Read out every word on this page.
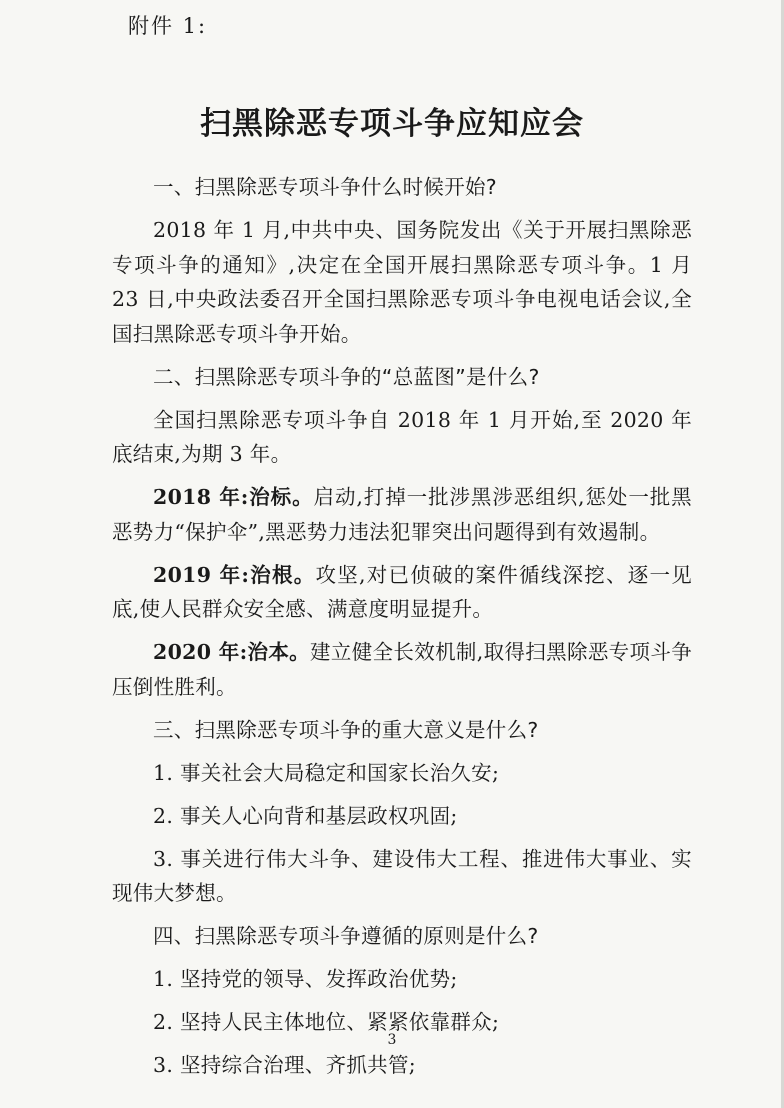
附件 1:
扫黑除恶专项斗争应知应会

一、扫黑除恶专项斗争什么时候开始?

2018 年 1 月,中共中央、国务院发出《关于开展扫黑除恶专项斗争的通知》,决定在全国开展扫黑除恶专项斗争。1 月 23 日,中央政法委召开全国扫黑除恶专项斗争电视电话会议,全国扫黑除恶专项斗争开始。

二、扫黑除恶专项斗争的“总蓝图”是什么?

全国扫黑除恶专项斗争自 2018 年 1 月开始,至 2020 年底结束,为期 3 年。

2018 年:治标。启动,打掉一批涉黑涉恶组织,惩处一批黑恶势力“保护伞”,黑恶势力违法犯罪突出问题得到有效遏制。

2019 年:治根。攻坚,对已侦破的案件循线深挖、逐一见底,使人民群众安全感、满意度明显提升。

2020 年:治本。建立健全长效机制,取得扫黑除恶专项斗争压倒性胜利。

三、扫黑除恶专项斗争的重大意义是什么?

1. 事关社会大局稳定和国家长治久安;

2. 事关人心向背和基层政权巩固;

3. 事关进行伟大斗争、建设伟大工程、推进伟大事业、实现伟大梦想。

四、扫黑除恶专项斗争遵循的原则是什么?

1. 坚持党的领导、发挥政治优势;

2. 坚持人民主体地位、紧紧依靠群众;

3. 坚持综合治理、齐抓共管;

3
